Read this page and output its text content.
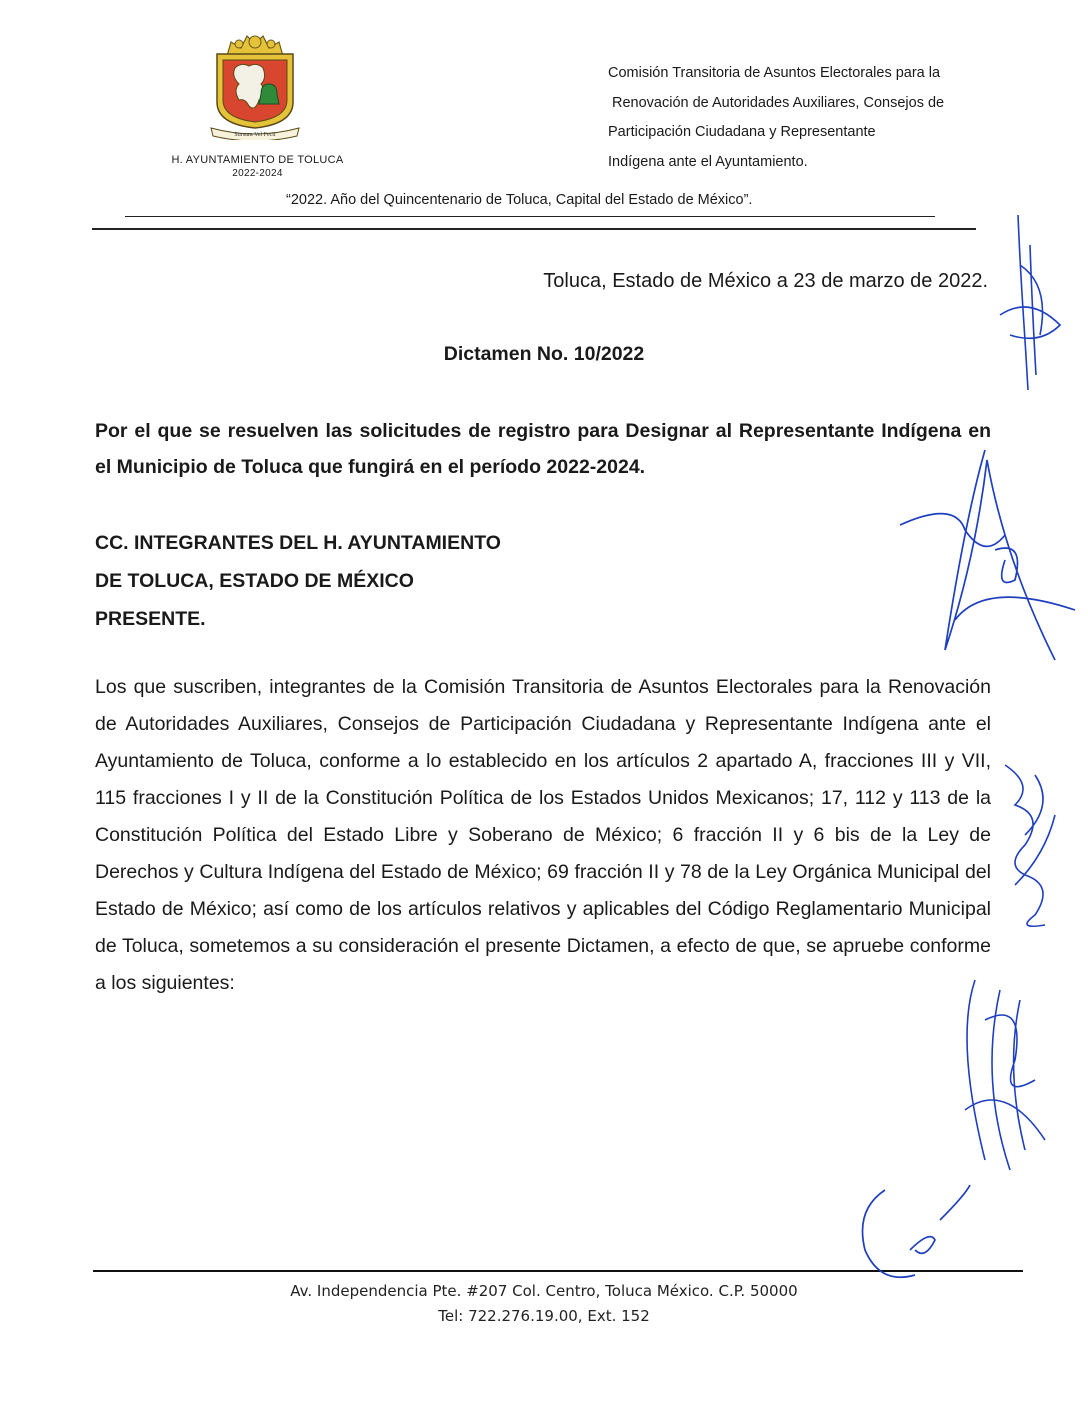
Sursum Vel Fecit
H. AYUNTAMIENTO DE TOLUCA
2022-2024
Comisión Transitoria de Asuntos Electorales para la
Renovación de Autoridades Auxiliares, Consejos de
Participación Ciudadana y Representante
Indígena ante el Ayuntamiento.
“2022. Año del Quincentenario de Toluca, Capital del Estado de México”.
Toluca, Estado de México a 23 de marzo de 2022.
Dictamen No. 10/2022
Por el que se resuelven las solicitudes de registro para Designar al Representante Indígena en el Municipio de Toluca que fungirá en el período 2022-2024.
CC. INTEGRANTES DEL H. AYUNTAMIENTO
DE TOLUCA, ESTADO DE MÉXICO
PRESENTE.
Los que suscriben, integrantes de la Comisión Transitoria de Asuntos Electorales para la Renovación de Autoridades Auxiliares, Consejos de Participación Ciudadana y Representante Indígena ante el Ayuntamiento de Toluca, conforme a lo establecido en los artículos 2 apartado A, fracciones III y VII, 115 fracciones I y II de la Constitución Política de los Estados Unidos Mexicanos; 17, 112 y 113 de la Constitución Política del Estado Libre y Soberano de México; 6 fracción II y 6 bis de la Ley de Derechos y Cultura Indígena del Estado de México; 69 fracción II y 78 de la Ley Orgánica Municipal del Estado de México; así como de los artículos relativos y aplicables del Código Reglamentario Municipal de Toluca, sometemos a su consideración el presente Dictamen, a efecto de que, se apruebe conforme a los siguientes:
Av. Independencia Pte. #207 Col. Centro, Toluca México. C.P. 50000
Tel: 722.276.19.00, Ext. 152
